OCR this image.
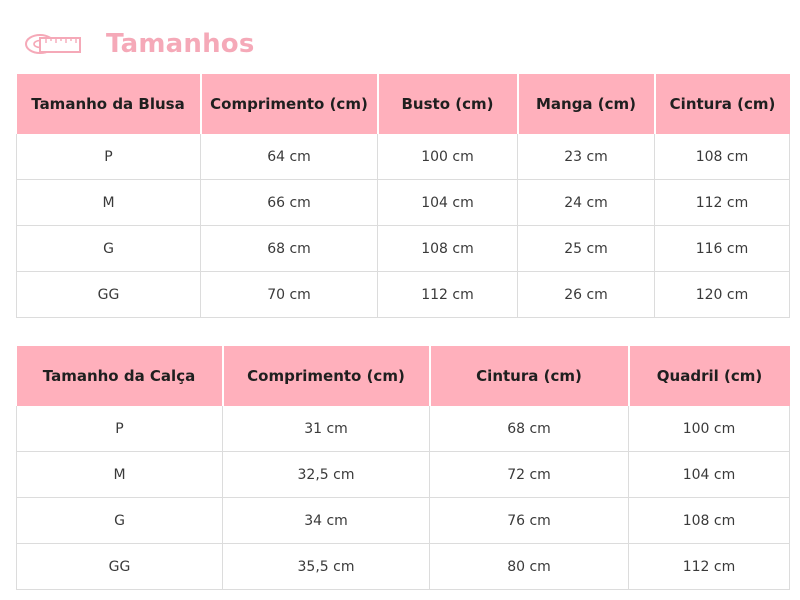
Tamanhos
Tamanho da Blusa	Comprimento (cm)	Busto (cm)	Manga (cm)	Cintura (cm)
P	64 cm	100 cm	23 cm	108 cm
M	66 cm	104 cm	24 cm	112 cm
G	68 cm	108 cm	25 cm	116 cm
GG	70 cm	112 cm	26 cm	120 cm
Tamanho da Calça	Comprimento (cm)	Cintura (cm)	Quadril (cm)
P	31 cm	68 cm	100 cm
M	32,5 cm	72 cm	104 cm
G	34 cm	76 cm	108 cm
GG	35,5 cm	80 cm	112 cm
